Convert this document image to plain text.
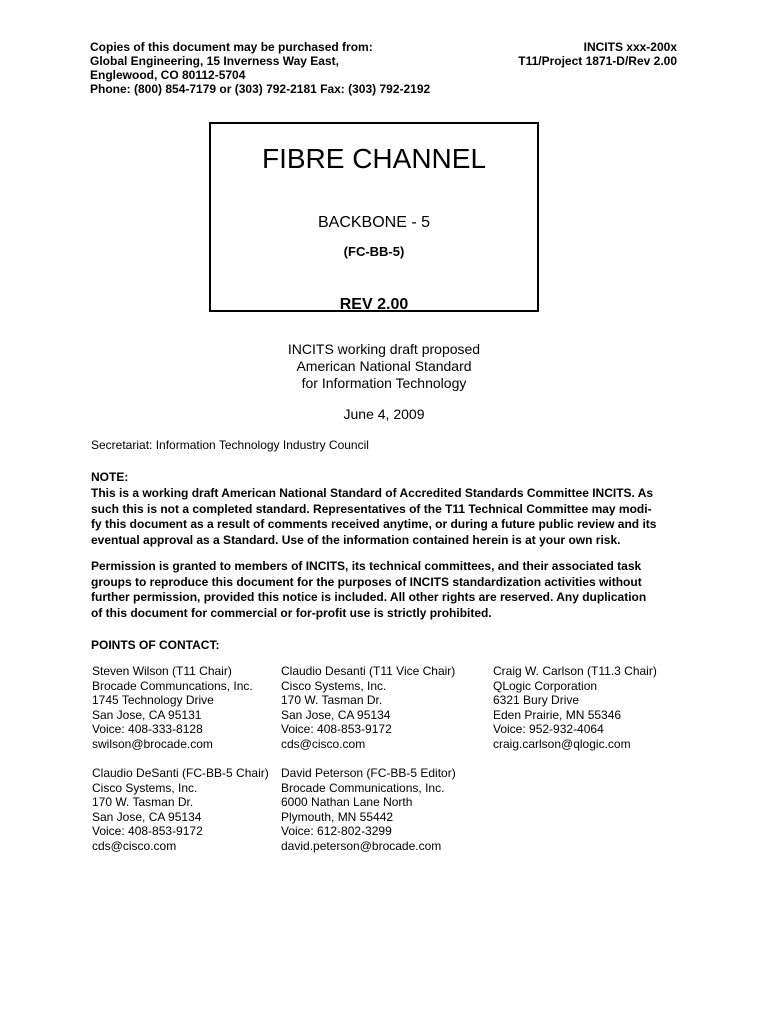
Copies of this document may be purchased from:
Global Engineering, 15 Inverness Way East,
Englewood, CO 80112-5704
Phone: (800) 854-7179 or (303) 792-2181 Fax: (303) 792-2192
INCITS xxx-200x
T11/Project 1871-D/Rev 2.00
FIBRE CHANNEL
BACKBONE - 5
(FC-BB-5)
REV 2.00
INCITS working draft proposed
American National Standard
for Information Technology
June 4, 2009
Secretariat: Information Technology Industry Council
NOTE:
This is a working draft American National Standard of Accredited Standards Committee INCITS. As
such this is not a completed standard. Representatives of the T11 Technical Committee may modi-
fy this document as a result of comments received anytime, or during a future public review and its
eventual approval as a Standard. Use of the information contained herein is at your own risk.
Permission is granted to members of INCITS, its technical committees, and their associated task
groups to reproduce this document for the purposes of INCITS standardization activities without
further permission, provided this notice is included. All other rights are reserved. Any duplication
of this document for commercial or for-profit use is strictly prohibited.
POINTS OF CONTACT:
Steven Wilson (T11 Chair)
Brocade Communcations, Inc.
1745 Technology Drive
San Jose, CA 95131
Voice: 408-333-8128
swilson@brocade.com
Claudio Desanti (T11 Vice Chair)
Cisco Systems, Inc.
170 W. Tasman Dr.
San Jose, CA 95134
Voice: 408-853-9172
cds@cisco.com
Craig W. Carlson (T11.3 Chair)
QLogic Corporation
6321 Bury Drive
Eden Prairie, MN 55346
Voice: 952-932-4064
craig.carlson@qlogic.com
Claudio DeSanti (FC-BB-5 Chair)
Cisco Systems, Inc.
170 W. Tasman Dr.
San Jose, CA 95134
Voice: 408-853-9172
cds@cisco.com
David Peterson (FC-BB-5 Editor)
Brocade Communications, Inc.
6000 Nathan Lane North
Plymouth, MN 55442
Voice: 612-802-3299
david.peterson@brocade.com
